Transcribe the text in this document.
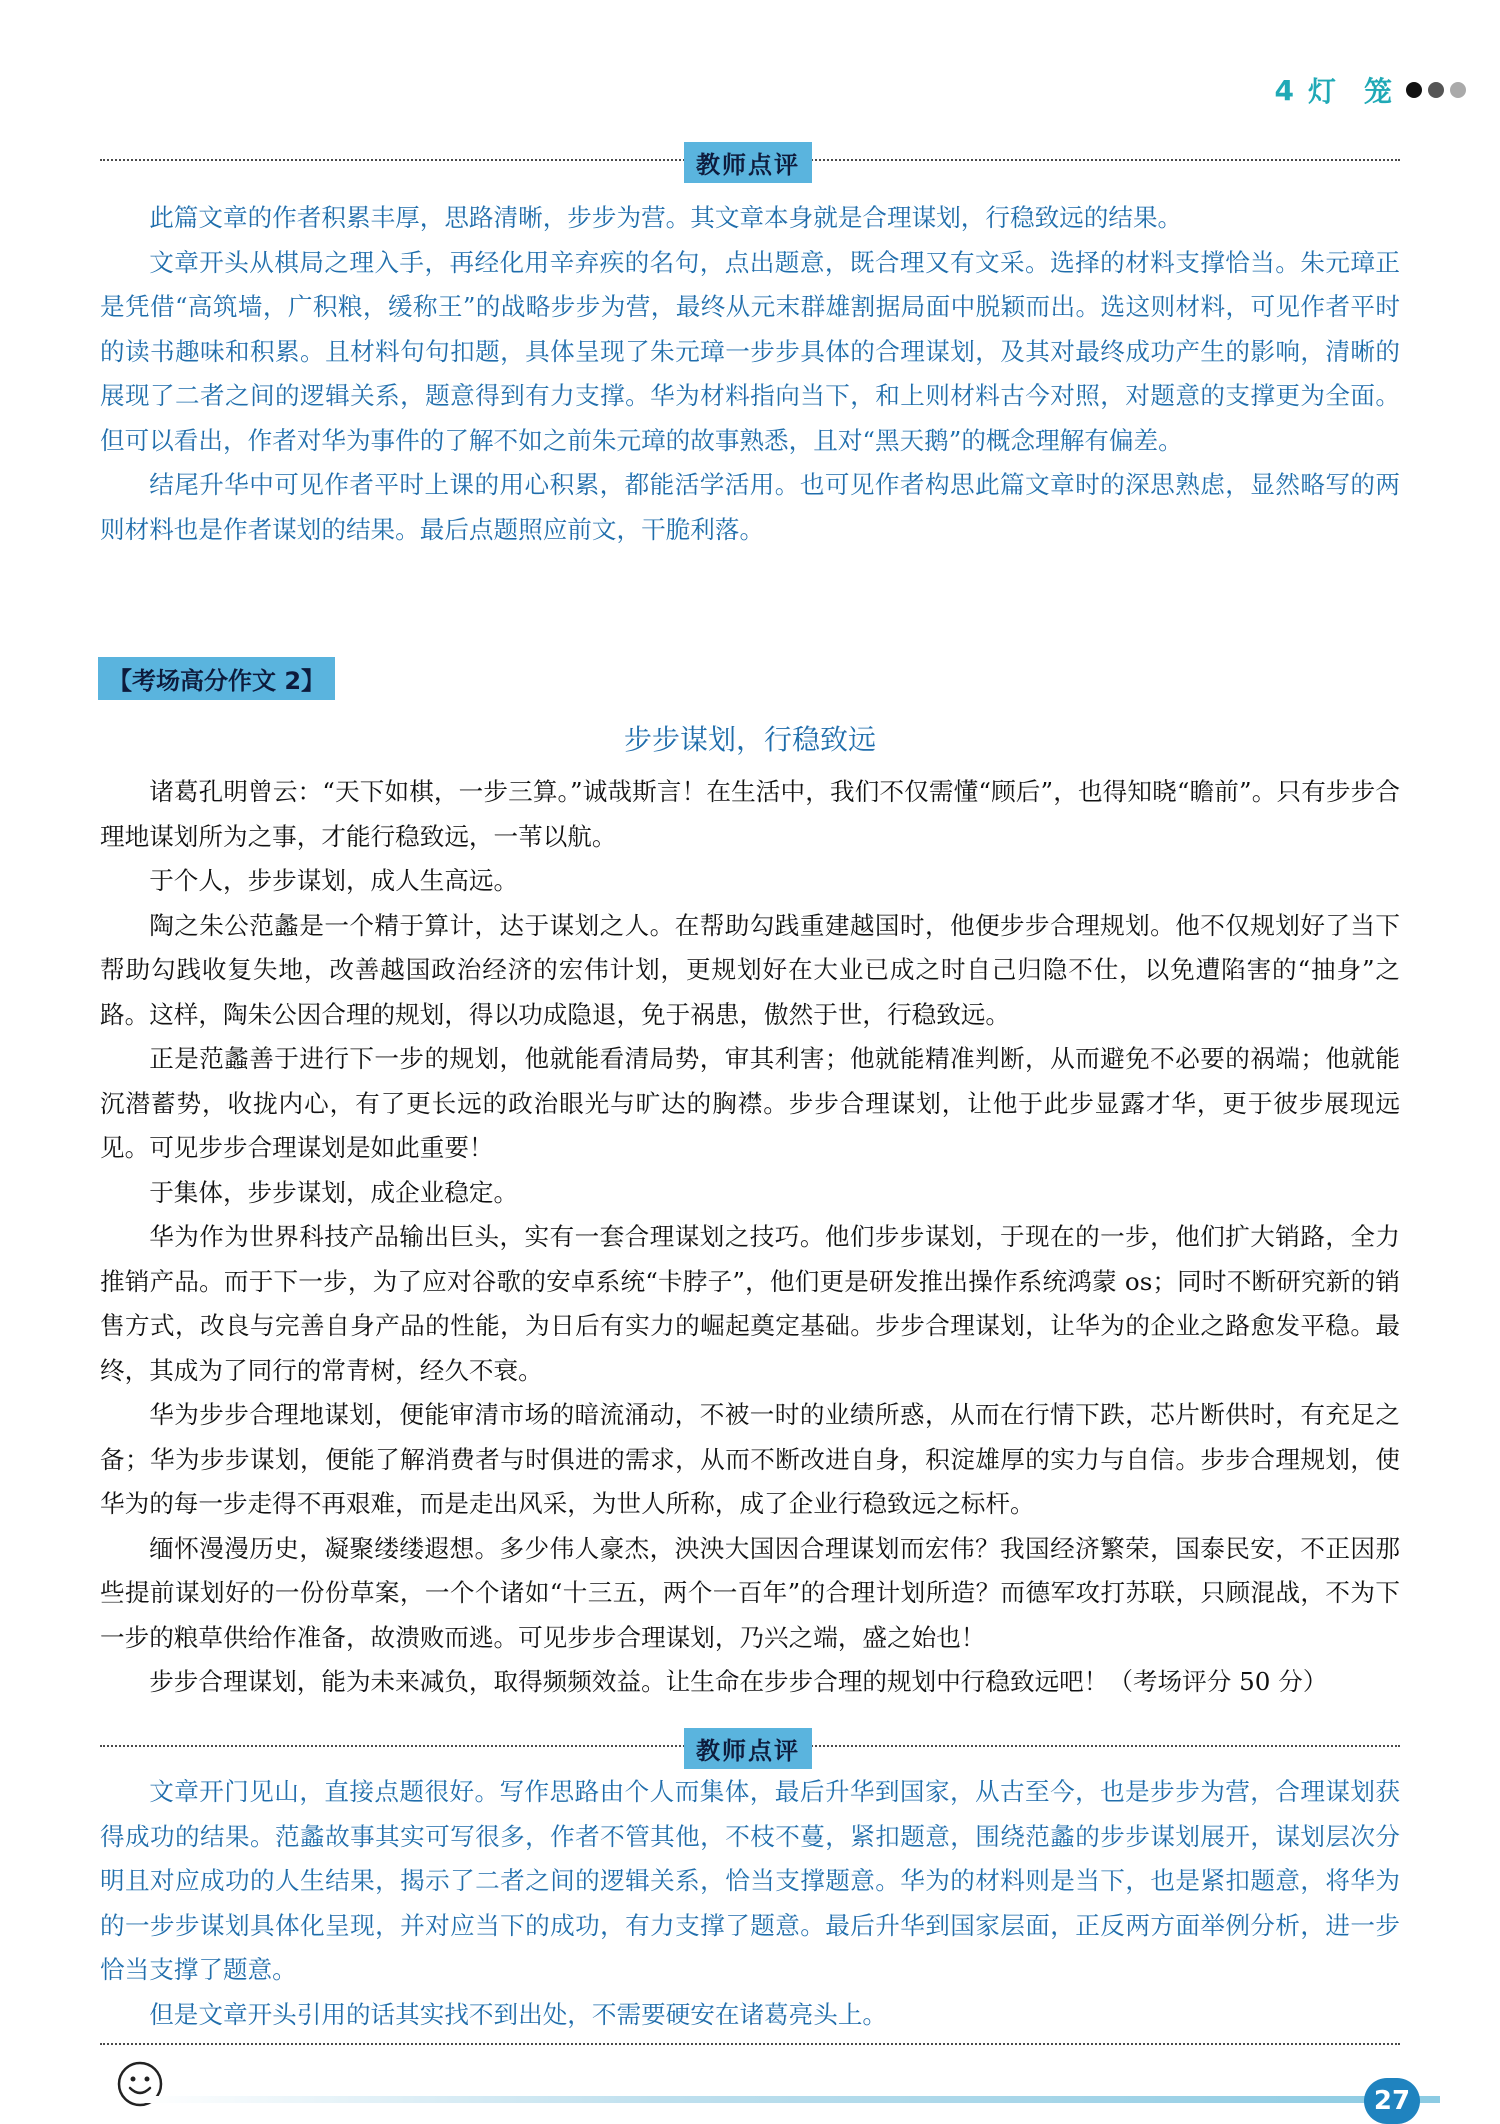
4 灯　笼
教师点评

此篇文章的作者积累丰厚，思路清晰，步步为营。其文章本身就是合理谋划，行稳致远的结果。

文章开头从棋局之理入手，再经化用辛弃疾的名句，点出题意，既合理又有文采。选择的材料支撑恰当。朱元璋正是凭借“高筑墙，广积粮，缓称王”的战略步步为营，最终从元末群雄割据局面中脱颖而出。选这则材料，可见作者平时的读书趣味和积累。且材料句句扣题，具体呈现了朱元璋一步步具体的合理谋划，及其对最终成功产生的影响，清晰的展现了二者之间的逻辑关系，题意得到有力支撑。华为材料指向当下，和上则材料古今对照，对题意的支撑更为全面。但可以看出，作者对华为事件的了解不如之前朱元璋的故事熟悉，且对“黑天鹅”的概念理解有偏差。

结尾升华中可见作者平时上课的用心积累，都能活学活用。也可见作者构思此篇文章时的深思熟虑，显然略写的两则材料也是作者谋划的结果。最后点题照应前文，干脆利落。

【考场高分作文 2】
步步谋划，行稳致远

诸葛孔明曾云：“天下如棋，一步三算。”诚哉斯言！在生活中，我们不仅需懂“顾后”，也得知晓“瞻前”。只有步步合理地谋划所为之事，才能行稳致远，一苇以航。

于个人，步步谋划，成人生高远。

陶之朱公范蠡是一个精于算计，达于谋划之人。在帮助勾践重建越国时，他便步步合理规划。他不仅规划好了当下帮助勾践收复失地，改善越国政治经济的宏伟计划，更规划好在大业已成之时自己归隐不仕，以免遭陷害的“抽身”之路。这样，陶朱公因合理的规划，得以功成隐退，免于祸患，傲然于世，行稳致远。

正是范蠡善于进行下一步的规划，他就能看清局势，审其利害；他就能精准判断，从而避免不必要的祸端；他就能沉潜蓄势，收拢内心，有了更长远的政治眼光与旷达的胸襟。步步合理谋划，让他于此步显露才华，更于彼步展现远见。可见步步合理谋划是如此重要！

于集体，步步谋划，成企业稳定。

华为作为世界科技产品输出巨头，实有一套合理谋划之技巧。他们步步谋划，于现在的一步，他们扩大销路，全力推销产品。而于下一步，为了应对谷歌的安卓系统“卡脖子”，他们更是研发推出操作系统鸿蒙 os；同时不断研究新的销售方式，改良与完善自身产品的性能，为日后有实力的崛起奠定基础。步步合理谋划，让华为的企业之路愈发平稳。最终，其成为了同行的常青树，经久不衰。

华为步步合理地谋划，便能审清市场的暗流涌动，不被一时的业绩所惑，从而在行情下跌，芯片断供时，有充足之备；华为步步谋划，便能了解消费者与时俱进的需求，从而不断改进自身，积淀雄厚的实力与自信。步步合理规划，使华为的每一步走得不再艰难，而是走出风采，为世人所称，成了企业行稳致远之标杆。

缅怀漫漫历史，凝聚缕缕遐想。多少伟人豪杰，泱泱大国因合理谋划而宏伟？我国经济繁荣，国泰民安，不正因那些提前谋划好的一份份草案，一个个诸如“十三五，两个一百年”的合理计划所造？而德军攻打苏联，只顾混战，不为下一步的粮草供给作准备，故溃败而逃。可见步步合理谋划，乃兴之端，盛之始也！

步步合理谋划，能为未来减负，取得频频效益。让生命在步步合理的规划中行稳致远吧！（考场评分 50 分）

教师点评

文章开门见山，直接点题很好。写作思路由个人而集体，最后升华到国家，从古至今，也是步步为营，合理谋划获得成功的结果。范蠡故事其实可写很多，作者不管其他，不枝不蔓，紧扣题意，围绕范蠡的步步谋划展开，谋划层次分明且对应成功的人生结果，揭示了二者之间的逻辑关系，恰当支撑题意。华为的材料则是当下，也是紧扣题意，将华为的一步步谋划具体化呈现，并对应当下的成功，有力支撑了题意。最后升华到国家层面，正反两方面举例分析，进一步恰当支撑了题意。

但是文章开头引用的话其实找不到出处，不需要硬安在诸葛亮头上。

27
